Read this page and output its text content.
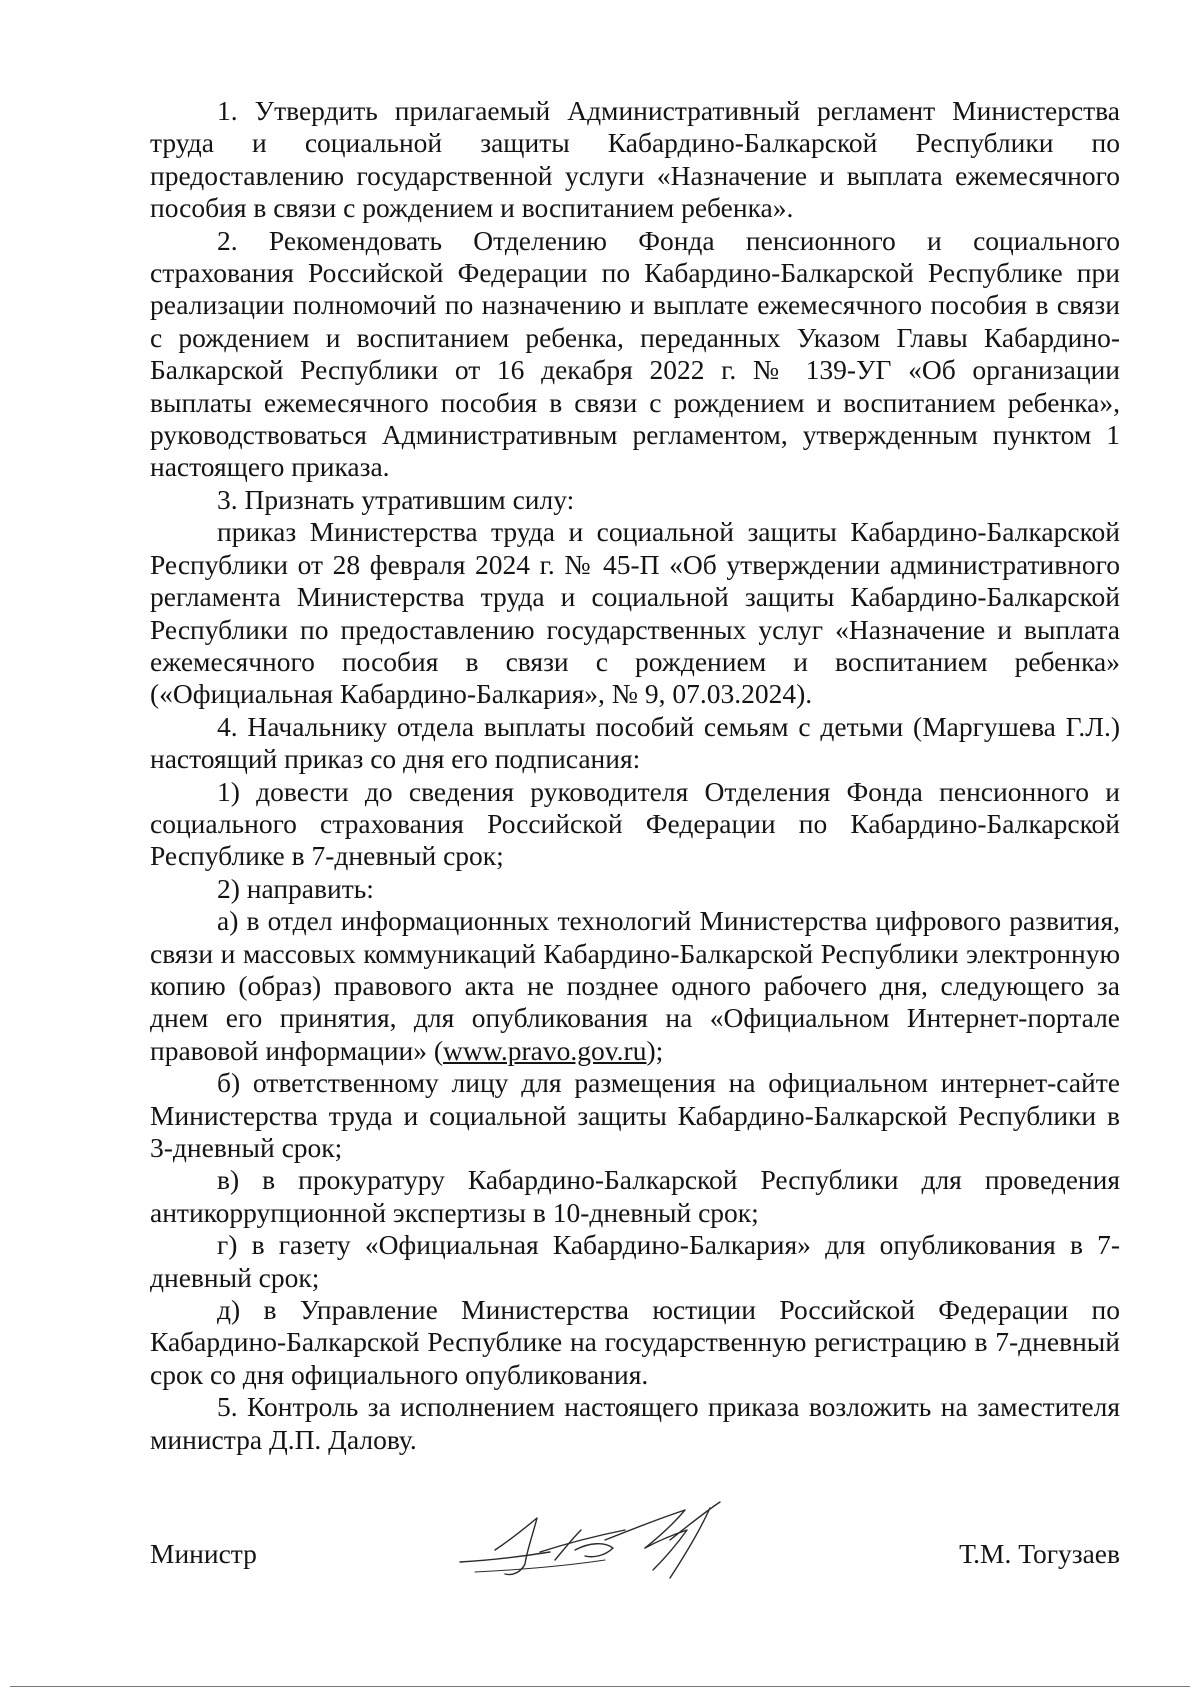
1. Утвердить прилагаемый Административный регламент Министерства труда и социальной защиты Кабардино-Балкарской Республики по предоставлению государственной услуги «Назначение и выплата ежемесячного пособия в связи с рождением и воспитанием ребенка».

2. Рекомендовать Отделению Фонда пенсионного и социального страхования Российской Федерации по Кабардино-Балкарской Республике при реализации полномочий по назначению и выплате ежемесячного пособия в связи с рождением и воспитанием ребенка, переданных Указом Главы Кабардино-Балкарской Республики от 16 декабря 2022 г. № 139-УГ «Об организации выплаты ежемесячного пособия в связи с рождением и воспитанием ребенка», руководствоваться Административным регламентом, утвержденным пунктом 1 настоящего приказа.

3. Признать утратившим силу:

приказ Министерства труда и социальной защиты Кабардино-Балкарской Республики от 28 февраля 2024 г. № 45-П «Об утверждении административного регламента Министерства труда и социальной защиты Кабардино-Балкарской Республики по предоставлению государственных услуг «Назначение и выплата ежемесячного пособия в связи с рождением и воспитанием ребенка» («Официальная Кабардино-Балкария», № 9, 07.03.2024).

4. Начальнику отдела выплаты пособий семьям с детьми (Маргушева Г.Л.) настоящий приказ со дня его подписания:

1) довести до сведения руководителя Отделения Фонда пенсионного и социального страхования Российской Федерации по Кабардино-Балкарской Республике в 7-дневный срок;

2) направить:

а) в отдел информационных технологий Министерства цифрового развития, связи и массовых коммуникаций Кабардино-Балкарской Республики электронную копию (образ) правового акта не позднее одного рабочего дня, следующего за днем его принятия, для опубликования на «Официальном Интернет-портале правовой информации» (www.pravo.gov.ru);

б) ответственному лицу для размещения на официальном интернет-сайте Министерства труда и социальной защиты Кабардино-Балкарской Республики в 3-дневный срок;

в) в прокуратуру Кабардино-Балкарской Республики для проведения антикоррупционной экспертизы в 10-дневный срок;

г) в газету «Официальная Кабардино-Балкария» для опубликования в 7-дневный срок;

д) в Управление Министерства юстиции Российской Федерации по Кабардино-Балкарской Республике на государственную регистрацию в 7-дневный срок со дня официального опубликования.

5. Контроль за исполнением настоящего приказа возложить на заместителя министра Д.П. Далову.

Министр	Т.М. Тогузаев
